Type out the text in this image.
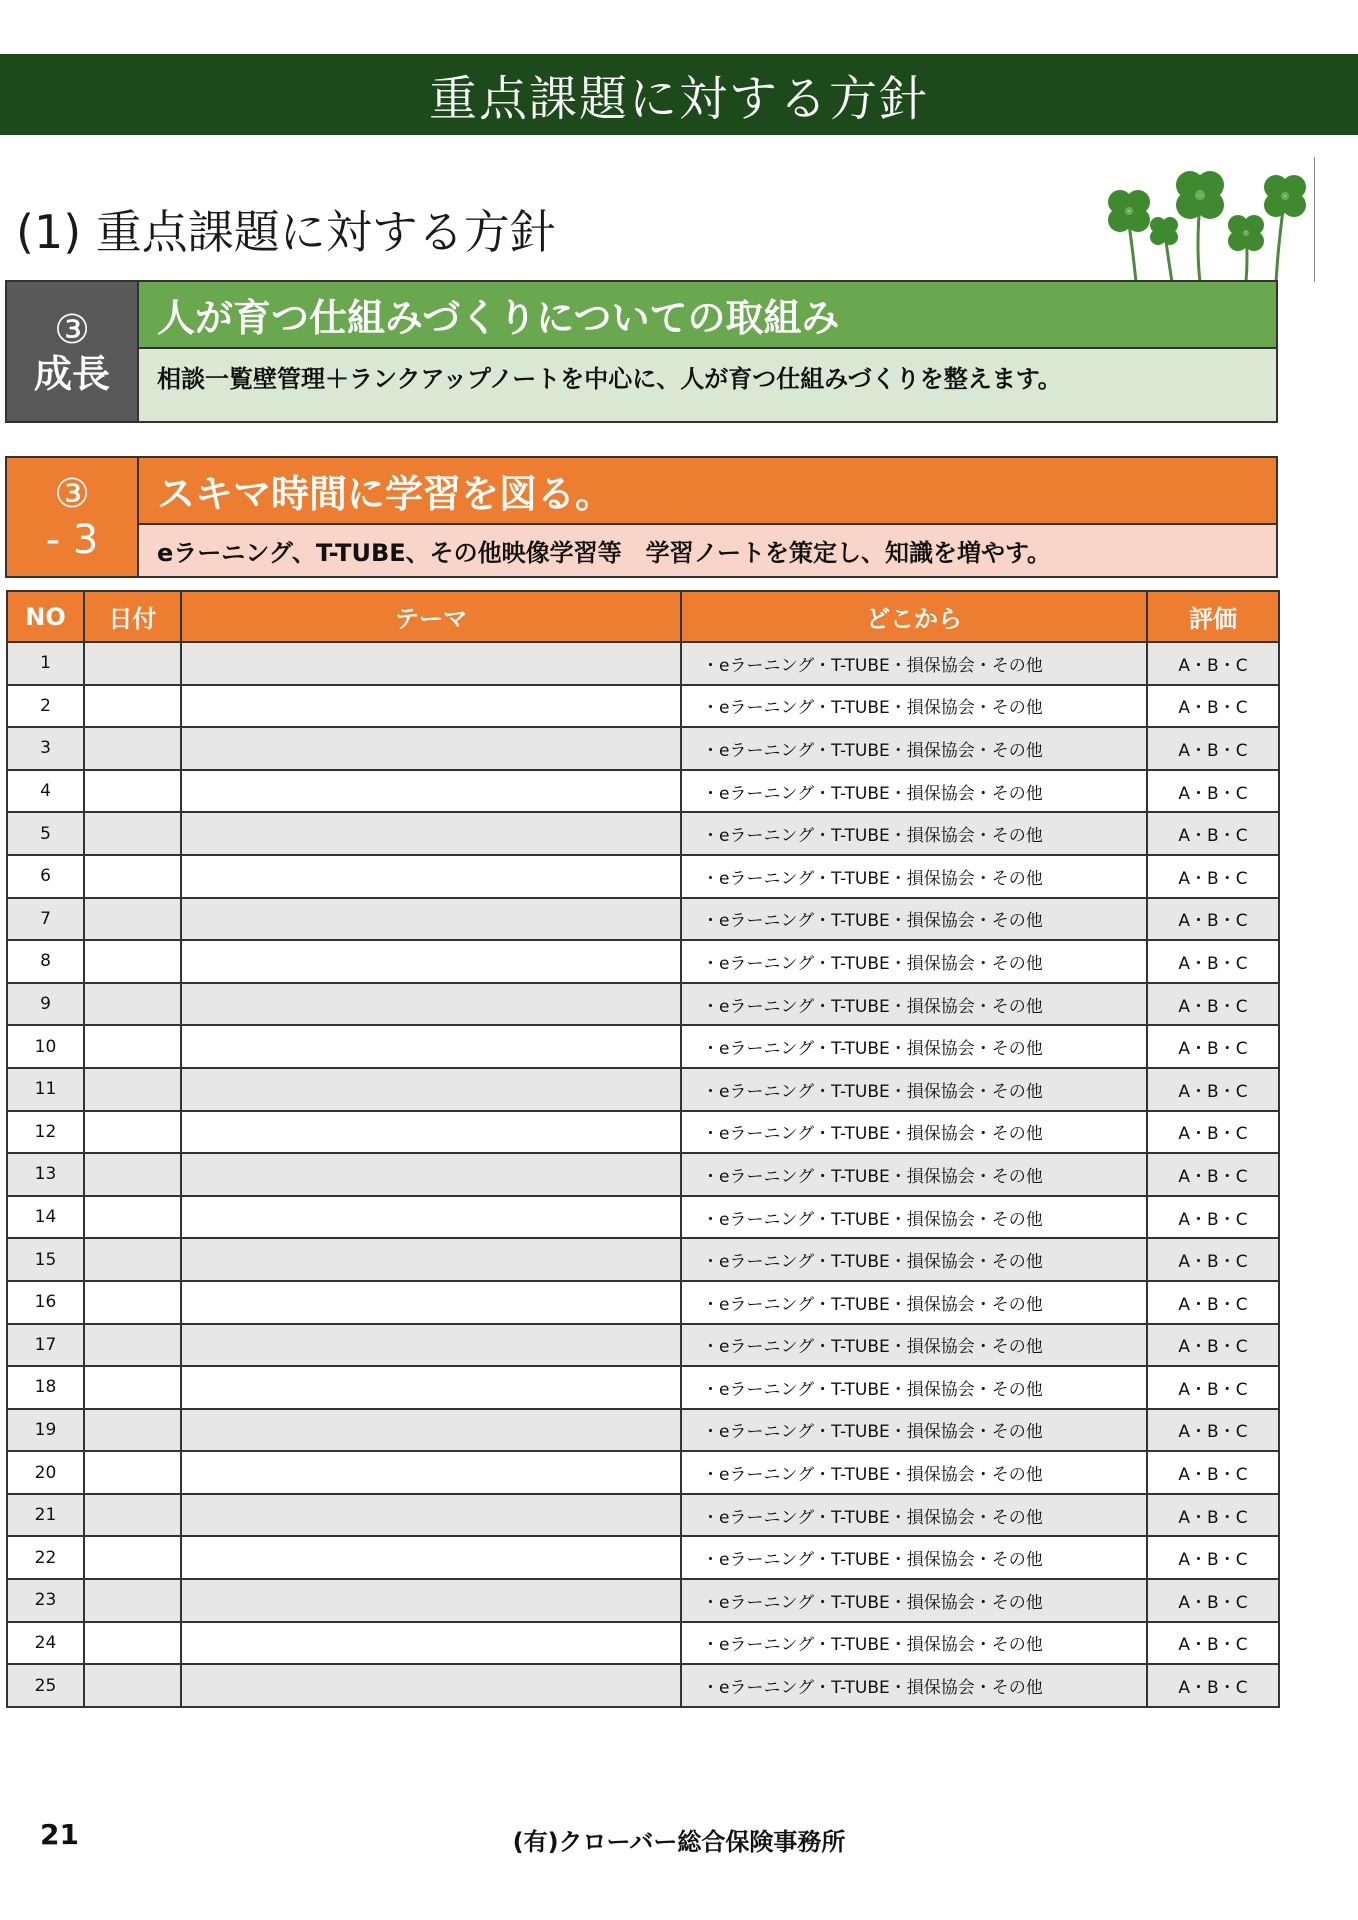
重点課題に対する方針
(1) 重点課題に対する方針
③
成長
人が育つ仕組みづくりについての取組み
相談一覧壁管理＋ランクアップノートを中心に、人が育つ仕組みづくりを整えます。
③
- 3
スキマ時間に学習を図る。
eラーニング、T-TUBE、その他映像学習等　学習ノートを策定し、知識を増やす。
NO	日付	テーマ	どこから	評価
1			・eラーニング・T-TUBE・損保協会・その他	A・B・C
2			・eラーニング・T-TUBE・損保協会・その他	A・B・C
3			・eラーニング・T-TUBE・損保協会・その他	A・B・C
4			・eラーニング・T-TUBE・損保協会・その他	A・B・C
5			・eラーニング・T-TUBE・損保協会・その他	A・B・C
6			・eラーニング・T-TUBE・損保協会・その他	A・B・C
7			・eラーニング・T-TUBE・損保協会・その他	A・B・C
8			・eラーニング・T-TUBE・損保協会・その他	A・B・C
9			・eラーニング・T-TUBE・損保協会・その他	A・B・C
10			・eラーニング・T-TUBE・損保協会・その他	A・B・C
11			・eラーニング・T-TUBE・損保協会・その他	A・B・C
12			・eラーニング・T-TUBE・損保協会・その他	A・B・C
13			・eラーニング・T-TUBE・損保協会・その他	A・B・C
14			・eラーニング・T-TUBE・損保協会・その他	A・B・C
15			・eラーニング・T-TUBE・損保協会・その他	A・B・C
16			・eラーニング・T-TUBE・損保協会・その他	A・B・C
17			・eラーニング・T-TUBE・損保協会・その他	A・B・C
18			・eラーニング・T-TUBE・損保協会・その他	A・B・C
19			・eラーニング・T-TUBE・損保協会・その他	A・B・C
20			・eラーニング・T-TUBE・損保協会・その他	A・B・C
21			・eラーニング・T-TUBE・損保協会・その他	A・B・C
22			・eラーニング・T-TUBE・損保協会・その他	A・B・C
23			・eラーニング・T-TUBE・損保協会・その他	A・B・C
24			・eラーニング・T-TUBE・損保協会・その他	A・B・C
25			・eラーニング・T-TUBE・損保協会・その他	A・B・C
21	(有)クローバー総合保険事務所
